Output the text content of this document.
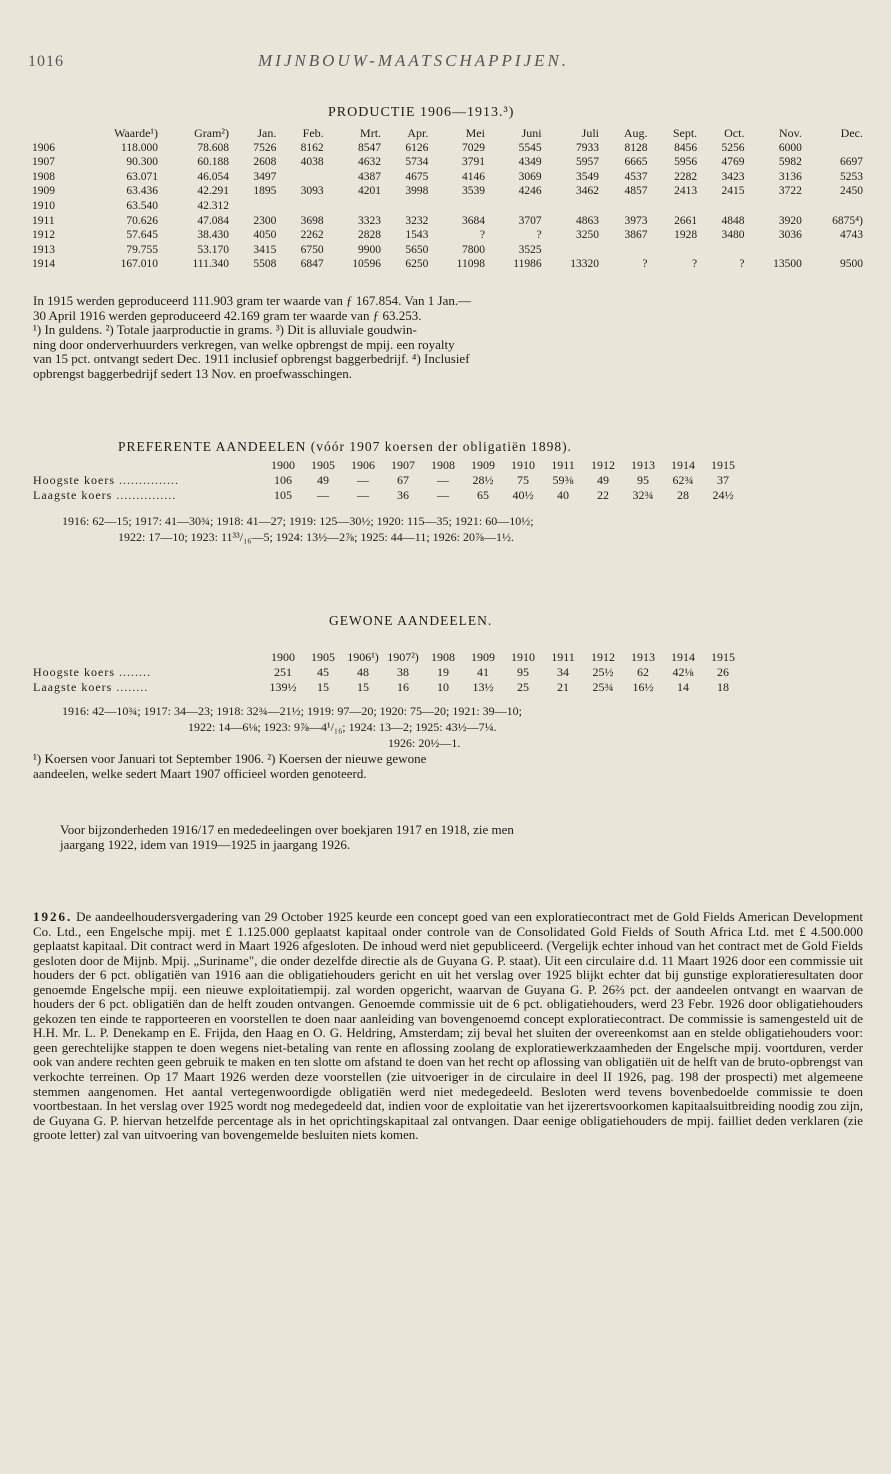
1016	MIJNBOUW-MAATSCHAPPIJEN.
PRODUCTIE 1906—1913.³)
	Waarde¹)	Gram²)	Jan.	Feb.	Mrt.	Apr.	Mei	Juni	Juli	Aug.	Sept.	Oct.	Nov.	Dec.
1906	118.000	78.608	7526	8162	8547	6126	7029	5545	7933	8128	8456	5256	6000	
1907	90.300	60.188	2608	4038	4632	5734	3791	4349	5957	6665	5956	4769	5982	6697
1908	63.071	46.054	3497		4387	4675	4146	3069	3549	4537	2282	3423	3136	5253
1909	63.436	42.291	1895	3093	4201	3998	3539	4246	3462	4857	2413	2415	3722	2450
1910	63.540	42.312												
1911	70.626	47.084	2300	3698	3323	3232	3684	3707	4863	3973	2661	4848	3920	6875⁴)
1912	57.645	38.430	4050	2262	2828	1543	?	?	3250	3867	1928	3480	3036	4743
1913	79.755	53.170	3415	6750	9900	5650	7800	3525						
1914	167.010	111.340	5508	6847	10596	6250	11098	11986	13320	?	?	?	13500	9500

In 1915 werden geproduceerd 111.903 gram ter waarde van ƒ 167.854. Van 1 Jan.—

30 April 1916 werden geproduceerd 42.169 gram ter waarde van ƒ 63.253.

¹) In guldens. ²) Totale jaarproductie in grams. ³) Dit is alluviale goudwin-

ning door onderverhuurders verkregen, van welke opbrengst de mpij. een royalty

van 15 pct. ontvangt sedert Dec. 1911 inclusief opbrengst baggerbedrijf. ⁴) Inclusief

opbrengst baggerbedrijf sedert 13 Nov. en proefwasschingen.

PREFERENTE AANDEELEN (vóór 1907 koersen der obligatiën 1898).
	1900	1905	1906	1907	1908	1909	1910	1911	1912	1913	1914	1915
Hoogste koers ...............	106	49	—	67	—	28½	75	59⅜	49	95	62¾	37
Laagste koers ...............	105	—	—	36	—	65	40½	40	22	32¾	28	24½
1916: 62—15; 1917: 41—30¾; 1918: 41—27; 1919: 125—30½; 1920: 115—35; 1921: 60—10½;
1922: 17—10; 1923: 11³³/₁₆—5; 1924: 13½—2⅞; 1925: 44—11; 1926: 20⅞—1½.
GEWONE AANDEELEN.
	1900	1905	1906¹)	1907²)	1908	1909	1910	1911	1912	1913	1914	1915
Hoogste koers ........	251	45	48	38	19	41	95	34	25½	62	42⅛	26
Laagste koers ........	139½	15	15	16	10	13½	25	21	25¾	16½	14	18
1916: 42—10¾; 1917: 34—23; 1918: 32¾—21½; 1919: 97—20; 1920: 75—20; 1921: 39—10;
1922: 14—6⅛; 1923: 9⅞—4¹/₁₆; 1924: 13—2; 1925: 43½—7¼.
1926: 20½—1.

¹) Koersen voor Januari tot September 1906. ²) Koersen der nieuwe gewone

aandeelen, welke sedert Maart 1907 officieel worden genoteerd.

Voor bijzonderheden 1916/17 en mededeelingen over boekjaren 1917 en 1918, zie men

jaargang 1922, idem van 1919—1925 in jaargang 1926.

1926. De aandeelhoudersvergadering van 29 October 1925 keurde een concept goed van een exploratiecontract met de Gold Fields American Development Co. Ltd., een Engelsche mpij. met £ 1.125.000 geplaatst kapitaal onder controle van de Consolidated Gold Fields of South Africa Ltd. met £ 4.500.000 geplaatst kapitaal. Dit contract werd in Maart 1926 afgesloten. De inhoud werd niet gepubliceerd. (Vergelijk echter inhoud van het contract met de Gold Fields gesloten door de Mijnb. Mpij. „Suriname", die onder dezelfde directie als de Guyana G. P. staat). Uit een circulaire d.d. 11 Maart 1926 door een commissie uit houders der 6 pct. obligatiën van 1916 aan die obligatiehouders gericht en uit het verslag over 1925 blijkt echter dat bij gunstige exploratieresultaten door genoemde Engelsche mpij. een nieuwe exploitatiempij. zal worden opgericht, waarvan de Guyana G. P. 26⅔ pct. der aandeelen ontvangt en waarvan de houders der 6 pct. obligatiën dan de helft zouden ontvangen. Genoemde commissie uit de 6 pct. obligatiehouders, werd 23 Febr. 1926 door obligatiehouders gekozen ten einde te rapporteeren en voorstellen te doen naar aanleiding van bovengenoemd concept exploratiecontract. De commissie is samengesteld uit de H.H. Mr. L. P. Denekamp en E. Frijda, den Haag en O. G. Heldring, Amsterdam; zij beval het sluiten der overeenkomst aan en stelde obligatiehouders voor: geen gerechtelijke stappen te doen wegens niet-betaling van rente en aflossing zoolang de exploratiewerkzaamheden der Engelsche mpij. voortduren, verder ook van andere rechten geen gebruik te maken en ten slotte om afstand te doen van het recht op aflossing van obligatiën uit de helft van de bruto-opbrengst van verkochte terreinen. Op 17 Maart 1926 werden deze voorstellen (zie uitvoeriger in de circulaire in deel II 1926, pag. 198 der prospecti) met algemeene stemmen aangenomen. Het aantal vertegenwoordigde obligatiën werd niet medegedeeld. Besloten werd tevens bovenbedoelde commissie te doen voortbestaan. In het verslag over 1925 wordt nog medegedeeld dat, indien voor de exploitatie van het ijzerertsvoorkomen kapitaalsuitbreiding noodig zou zijn, de Guyana G. P. hiervan hetzelfde percentage als in het oprichtingskapitaal zal ontvangen. Daar eenige obligatiehouders de mpij. failliet deden verklaren (zie groote letter) zal van uitvoering van bovengemelde besluiten niets komen.
